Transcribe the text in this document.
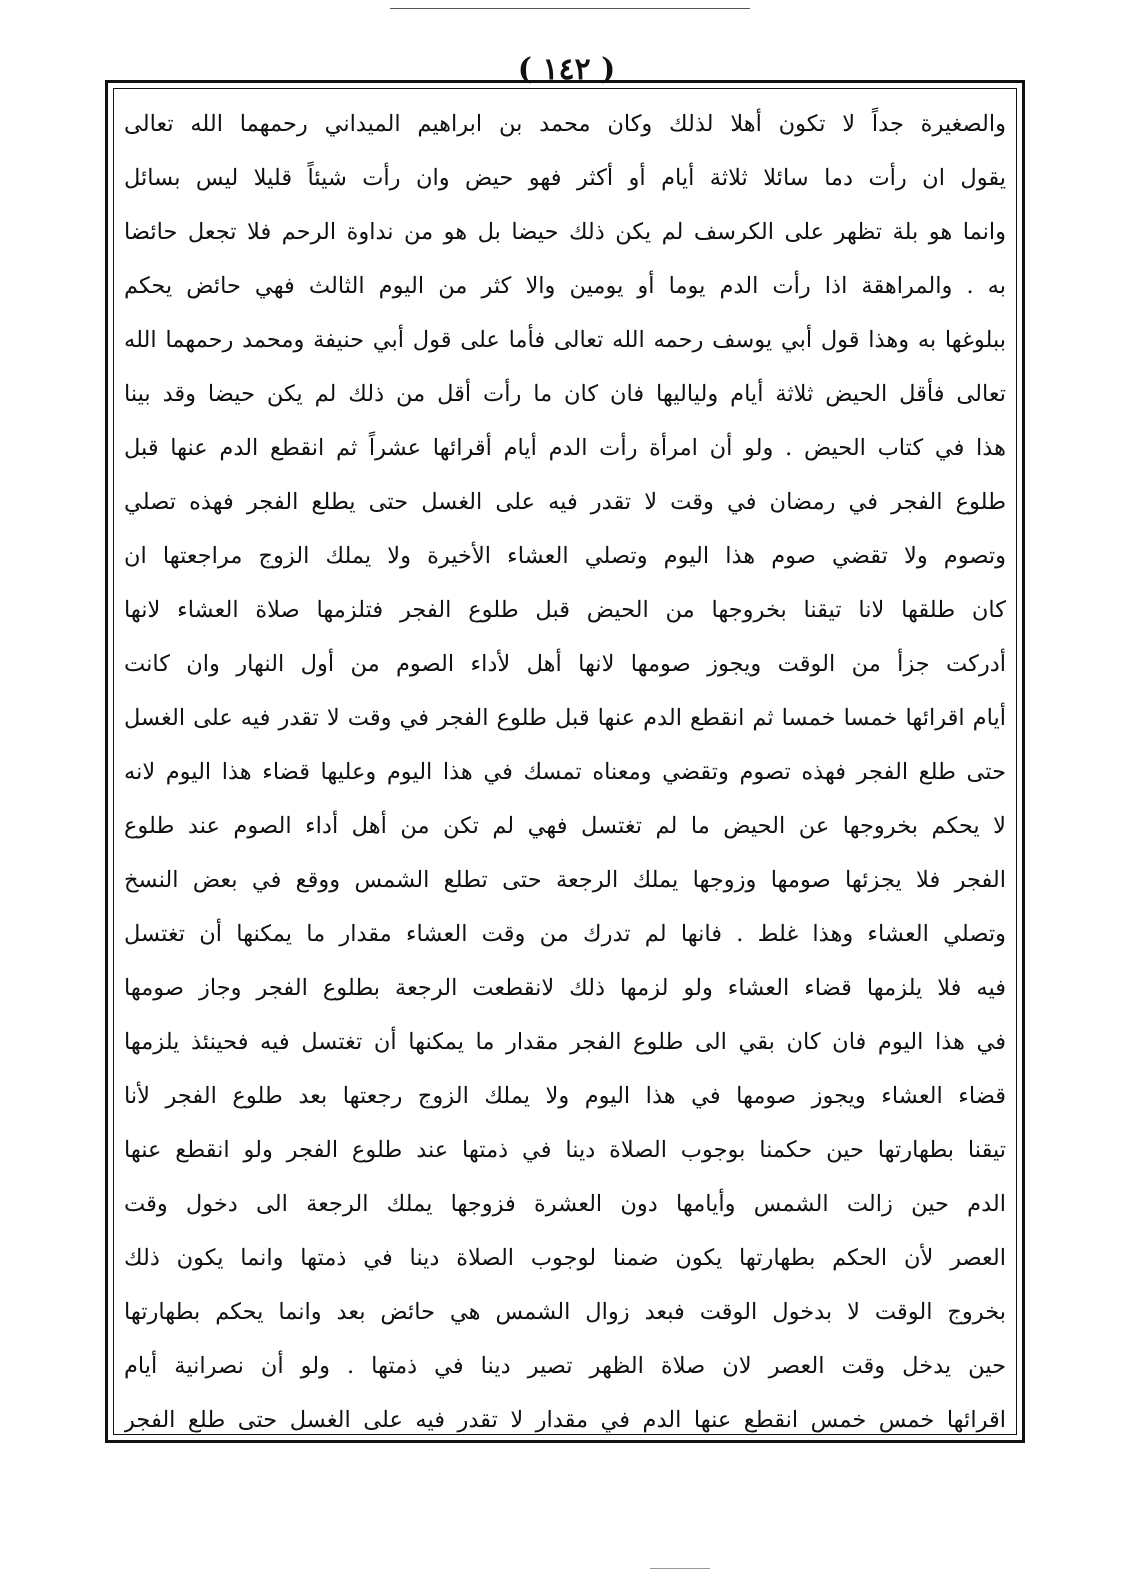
( ١٤٢ )
والصغيرة جداً لا تكون أهلا لذلك وكان محمد بن ابراهيم الميداني رحمهما الله تعالى
يقول ان رأت دما سائلا ثلاثة أيام أو أكثر فهو حيض وان رأت شيئاً قليلا ليس بسائل
وانما هو بلة تظهر على الكرسف لم يكن ذلك حيضا بل هو من نداوة الرحم فلا تجعل حائضا
به . والمراهقة اذا رأت الدم يوما أو يومين والا كثر من اليوم الثالث فهي حائض يحكم
ببلوغها به وهذا قول أبي يوسف رحمه الله تعالى فأما على قول أبي حنيفة ومحمد رحمهما الله
تعالى فأقل الحيض ثلاثة أيام ولياليها فان كان ما رأت أقل من ذلك لم يكن حيضا وقد بينا
هذا في كتاب الحيض . ولو أن امرأة رأت الدم أيام أقرائها عشراً ثم انقطع الدم عنها قبل
طلوع الفجر في رمضان في وقت لا تقدر فيه على الغسل حتى يطلع الفجر فهذه تصلي
وتصوم ولا تقضي صوم هذا اليوم وتصلي العشاء الأخيرة ولا يملك الزوج مراجعتها ان
كان طلقها لانا تيقنا بخروجها من الحيض قبل طلوع الفجر فتلزمها صلاة العشاء لانها
أدركت جزأ من الوقت ويجوز صومها لانها أهل لأداء الصوم من أول النهار وان كانت
أيام اقرائها خمسا خمسا ثم انقطع الدم عنها قبل طلوع الفجر في وقت لا تقدر فيه على الغسل
حتى طلع الفجر فهذه تصوم وتقضي ومعناه تمسك في هذا اليوم وعليها قضاء هذا اليوم لانه
لا يحكم بخروجها عن الحيض ما لم تغتسل فهي لم تكن من أهل أداء الصوم عند طلوع
الفجر فلا يجزئها صومها وزوجها يملك الرجعة حتى تطلع الشمس ووقع في بعض النسخ
وتصلي العشاء وهذا غلط . فانها لم تدرك من وقت العشاء مقدار ما يمكنها أن تغتسل
فيه فلا يلزمها قضاء العشاء ولو لزمها ذلك لانقطعت الرجعة بطلوع الفجر وجاز صومها
في هذا اليوم فان كان بقي الى طلوع الفجر مقدار ما يمكنها أن تغتسل فيه فحينئذ يلزمها
قضاء العشاء ويجوز صومها في هذا اليوم ولا يملك الزوج رجعتها بعد طلوع الفجر لأنا
تيقنا بطهارتها حين حكمنا بوجوب الصلاة دينا في ذمتها عند طلوع الفجر ولو انقطع عنها
الدم حين زالت الشمس وأيامها دون العشرة فزوجها يملك الرجعة الى دخول وقت
العصر لأن الحكم بطهارتها يكون ضمنا لوجوب الصلاة دينا في ذمتها وانما يكون ذلك
بخروج الوقت لا بدخول الوقت فبعد زوال الشمس هي حائض بعد وانما يحكم بطهارتها
حين يدخل وقت العصر لان صلاة الظهر تصير دينا في ذمتها . ولو أن نصرانية أيام
اقرائها خمس خمس انقطع عنها الدم في مقدار لا تقدر فيه على الغسل حتى طلع الفجر
